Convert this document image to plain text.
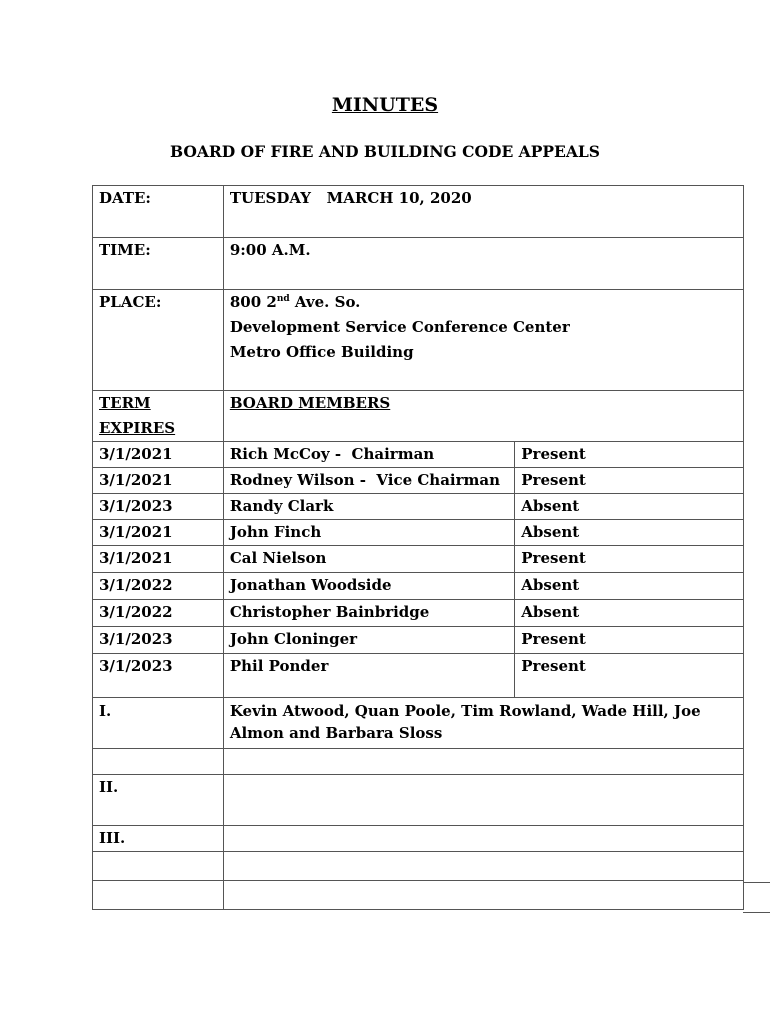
MINUTES
BOARD OF FIRE AND BUILDING CODE APPEALS
DATE:	TUESDAY   MARCH 10, 2020	
TIME:	9:00 A.M.	
PLACE:	800 2nd Ave. So.
Development Service Conference Center
Metro Office Building	

TERM
EXPIRES	BOARD MEMBERS	
3/1/2021	Rich McCoy -  Chairman	Present
3/1/2021	Rodney Wilson -  Vice Chairman	Present
3/1/2023	Randy Clark	Absent
3/1/2021	John Finch	Absent
3/1/2021	Cal Nielson	Present
3/1/2022	Jonathan Woodside	Absent
3/1/2022	Christopher Bainbridge	Absent
3/1/2023	John Cloninger	Present
3/1/2023	Phil Ponder	Present
I.	Kevin Atwood, Quan Poole, Tim Rowland, Wade Hill, Joe Almon and Barbara Sloss	

II.		
III.		
